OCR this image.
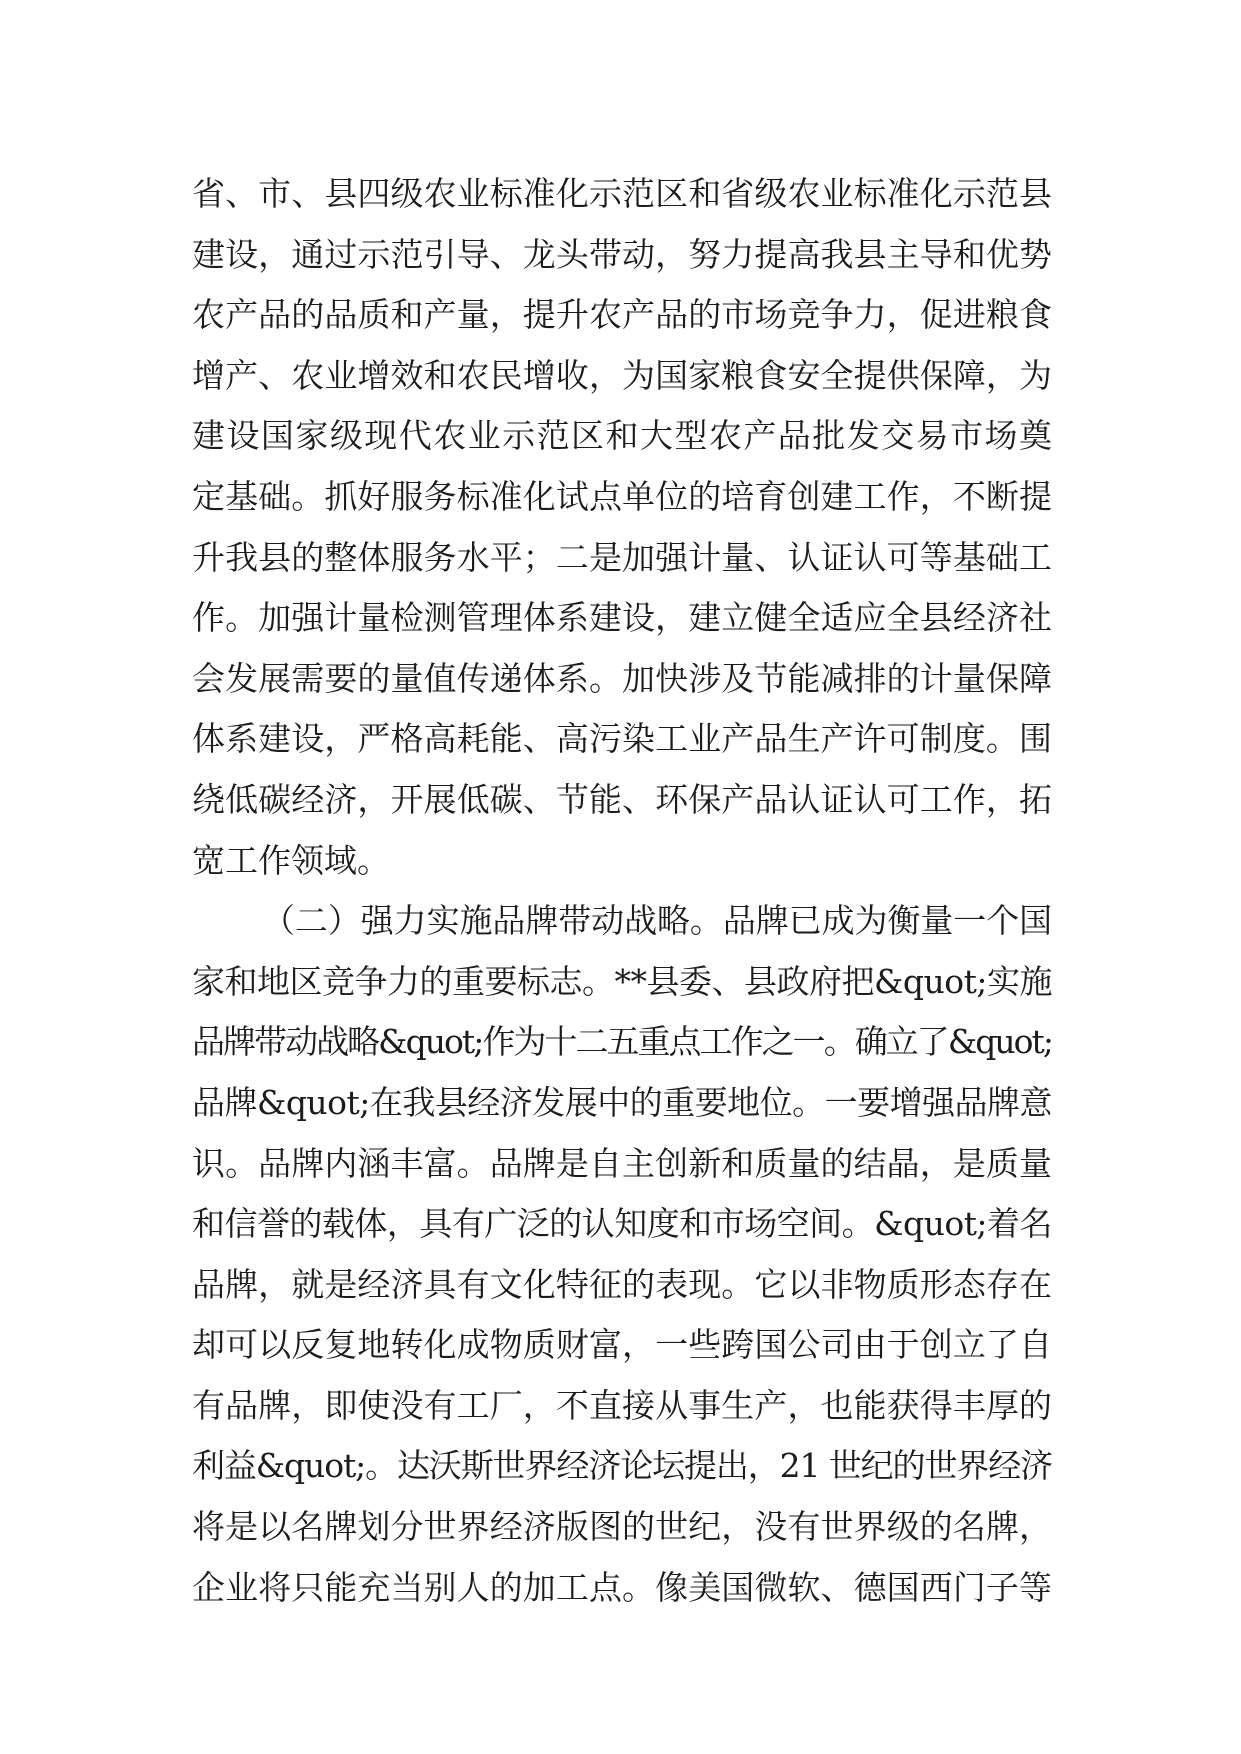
省、市、县四级农业标准化示范区和省级农业标准化示范县
建设，通过示范引导、龙头带动，努力提高我县主导和优势
农产品的品质和产量，提升农产品的市场竞争力，促进粮食
增产、农业增效和农民增收，为国家粮食安全提供保障，为
建设国家级现代农业示范区和大型农产品批发交易市场奠
定基础。抓好服务标准化试点单位的培育创建工作，不断提
升我县的整体服务水平；二是加强计量、认证认可等基础工
作。加强计量检测管理体系建设，建立健全适应全县经济社
会发展需要的量值传递体系。加快涉及节能减排的计量保障
体系建设，严格高耗能、高污染工业产品生产许可制度。围
绕低碳经济，开展低碳、节能、环保产品认证认可工作，拓
宽工作领域。
（二）强力实施品牌带动战略。品牌已成为衡量一个国
家和地区竞争力的重要标志。**县委、县政府把&quot;实施
品牌带动战略&quot;作为十二五重点工作之一。确立了&quot;
品牌&quot;在我县经济发展中的重要地位。一要增强品牌意
识。品牌内涵丰富。品牌是自主创新和质量的结晶，是质量
和信誉的载体，具有广泛的认知度和市场空间。&quot;着名
品牌，就是经济具有文化特征的表现。它以非物质形态存在
却可以反复地转化成物质财富，一些跨国公司由于创立了自
有品牌，即使没有工厂，不直接从事生产，也能获得丰厚的
利益&quot;。达沃斯世界经济论坛提出，21 世纪的世界经济
将是以名牌划分世界经济版图的世纪，没有世界级的名牌，
企业将只能充当别人的加工点。像美国微软、德国西门子等
